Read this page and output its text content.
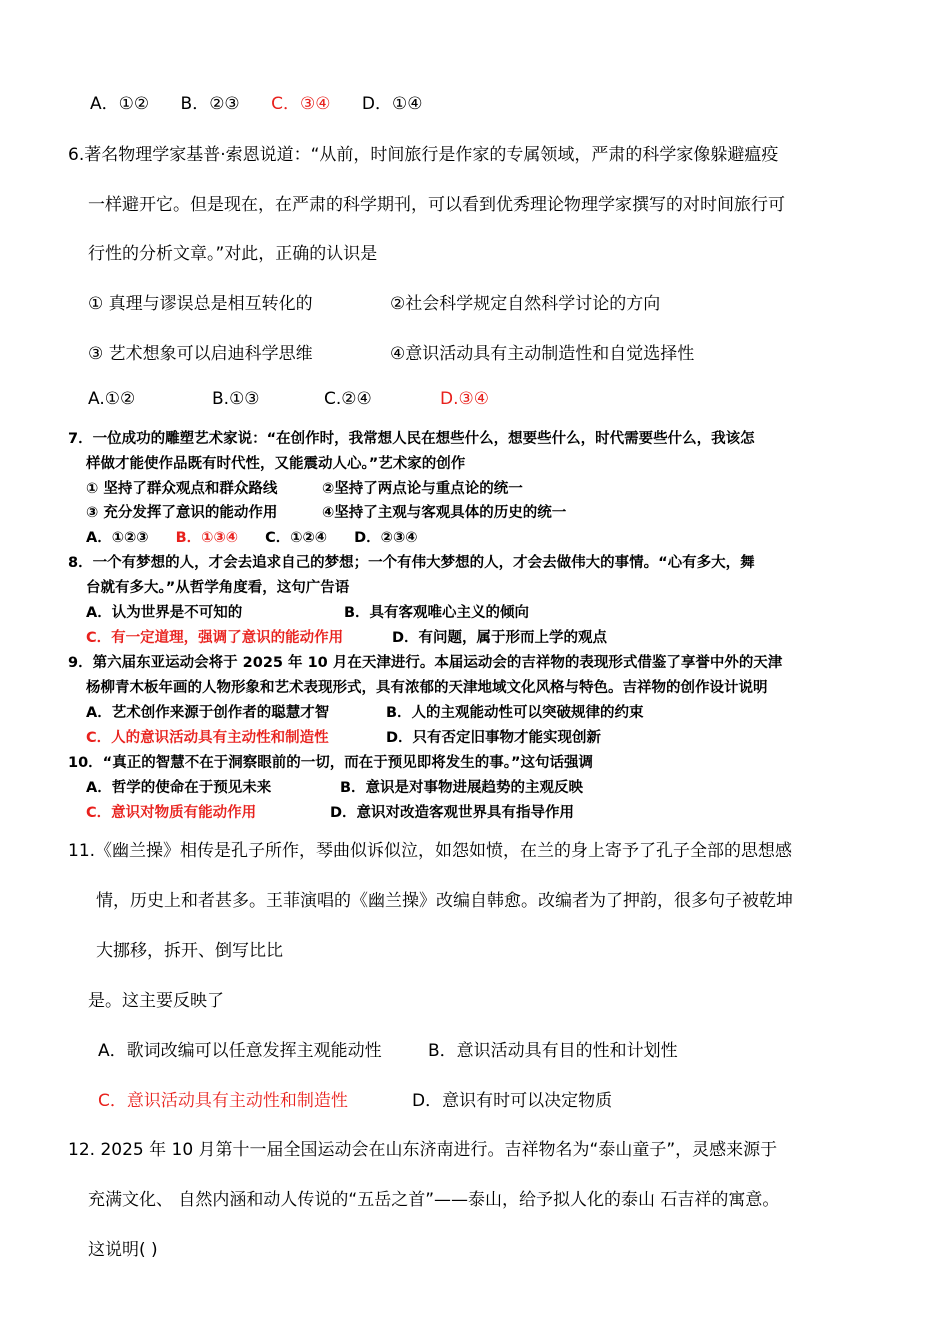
A．①② B．②③ C．③④ D．①④
6.著名物理学家基普·索恩说道：“从前，时间旅行是作家的专属领域，严肃的科学家像躲避瘟疫
一样避开它。但是现在，在严肃的科学期刊，可以看到优秀理论物理学家撰写的对时间旅行可
行性的分析文章。”对此，正确的认识是
① 真理与谬误总是相互转化的	②社会科学规定自然科学讨论的方向
③ 艺术想象可以启迪科学思维	④意识活动具有主动制造性和自觉选择性
A.①②	B.①③	C.②④	D.③④
7．一位成功的雕塑艺术家说：“在创作时，我常想人民在想些什么，想要些什么，时代需要些什么，我该怎
样做才能使作品既有时代性，又能震动人心。”艺术家的创作
① 坚持了群众观点和群众路线	②坚持了两点论与重点论的统一
③ 充分发挥了意识的能动作用	④坚持了主观与客观具体的历史的统一
A．①②③ B．①③④ C．①②④ D．②③④
8．一个有梦想的人，才会去追求自己的梦想；一个有伟大梦想的人，才会去做伟大的事情。“心有多大，舞
台就有多大。”从哲学角度看，这句广告语
A．认为世界是不可知的	B．具有客观唯心主义的倾向
C．有一定道理，强调了意识的能动作用	D．有问题，属于形而上学的观点
9．第六届东亚运动会将于 2025 年 10 月在天津进行。本届运动会的吉祥物的表现形式借鉴了享誉中外的天津
杨柳青木板年画的人物形象和艺术表现形式，具有浓郁的天津地域文化风格与特色。吉祥物的创作设计说明
A．艺术创作来源于创作者的聪慧才智	B．人的主观能动性可以突破规律的约束
C．人的意识活动具有主动性和制造性	D．只有否定旧事物才能实现创新
10．“真正的智慧不在于洞察眼前的一切，而在于预见即将发生的事。”这句话强调
A．哲学的使命在于预见未来	B．意识是对事物进展趋势的主观反映
C．意识对物质有能动作用	D．意识对改造客观世界具有指导作用
11.《幽兰操》相传是孔子所作，琴曲似诉似泣，如怨如愤，在兰的身上寄予了孔子全部的思想感
情，历史上和者甚多。王菲演唱的《幽兰操》改编自韩愈。改编者为了押韵，很多句子被乾坤
大挪移，拆开、倒写比比
是。这主要反映了
A．歌词改编可以任意发挥主观能动性	B．意识活动具有目的性和计划性
C．意识活动具有主动性和制造性	D．意识有时可以决定物质
12. 2025 年 10 月第十一届全国运动会在山东济南进行。吉祥物名为“泰山童子”，灵感来源于
充满文化、 自然内涵和动人传说的“五岳之首”——泰山，给予拟人化的泰山 石吉祥的寓意。
这说明( )
